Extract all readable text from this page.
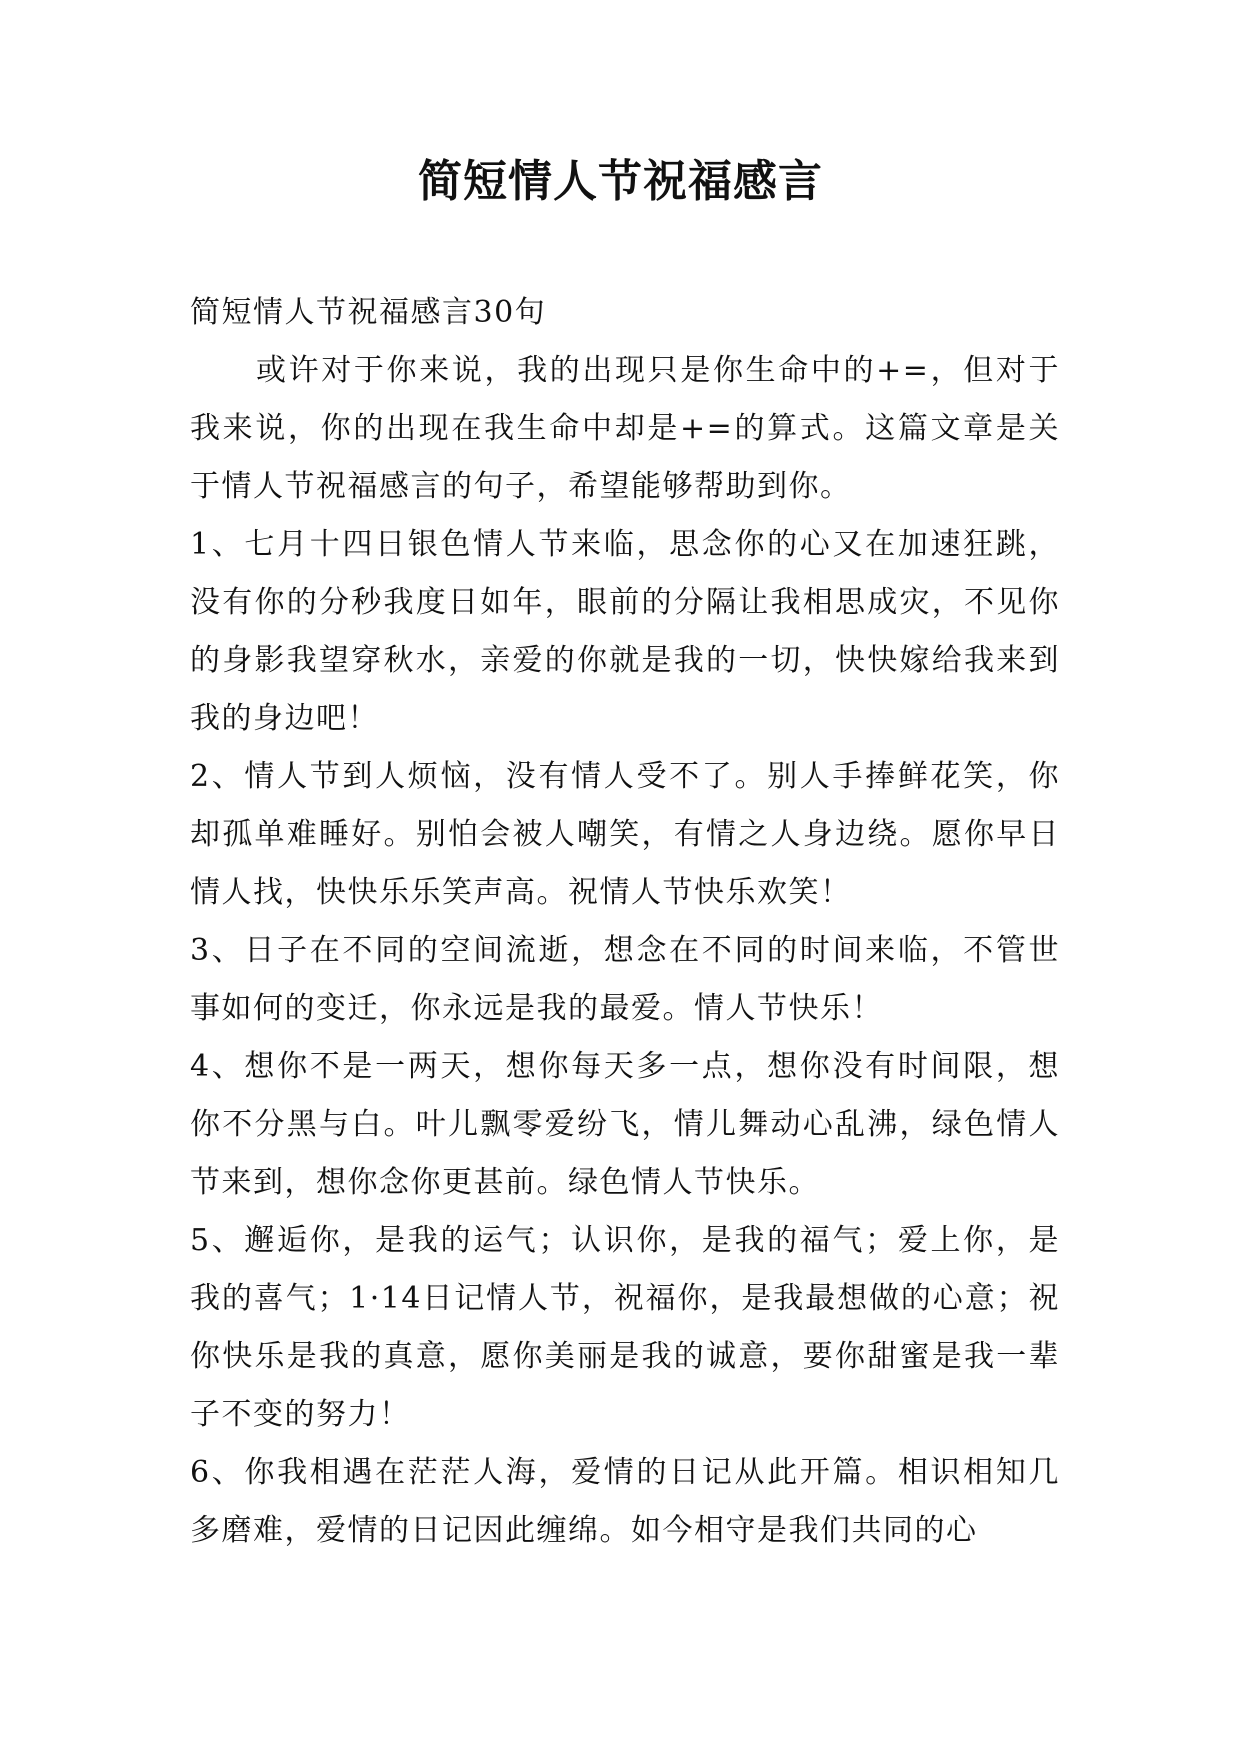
简短情人节祝福感言

简短情人节祝福感言30句

或许对于你来说，我的出现只是你生命中的+=，但对于我来说，你的出现在我生命中却是+=的算式。这篇文章是关于情人节祝福感言的句子，希望能够帮助到你。

1、七月十四日银色情人节来临，思念你的心又在加速狂跳，没有你的分秒我度日如年，眼前的分隔让我相思成灾，不见你的身影我望穿秋水，亲爱的你就是我的一切，快快嫁给我来到我的身边吧！

2、情人节到人烦恼，没有情人受不了。别人手捧鲜花笑，你却孤单难睡好。别怕会被人嘲笑，有情之人身边绕。愿你早日情人找，快快乐乐笑声高。祝情人节快乐欢笑！

3、日子在不同的空间流逝，想念在不同的时间来临，不管世事如何的变迁，你永远是我的最爱。情人节快乐！

4、想你不是一两天，想你每天多一点，想你没有时间限，想你不分黑与白。叶儿飘零爱纷飞，情儿舞动心乱沸，绿色情人节来到，想你念你更甚前。绿色情人节快乐。

5、邂逅你，是我的运气；认识你，是我的福气；爱上你，是我的喜气；1·14日记情人节，祝福你，是我最想做的心意；祝你快乐是我的真意，愿你美丽是我的诚意，要你甜蜜是我一辈子不变的努力！

6、你我相遇在茫茫人海，爱情的日记从此开篇。相识相知几多磨难，爱情的日记因此缠绵。如今相守是我们共同的心
